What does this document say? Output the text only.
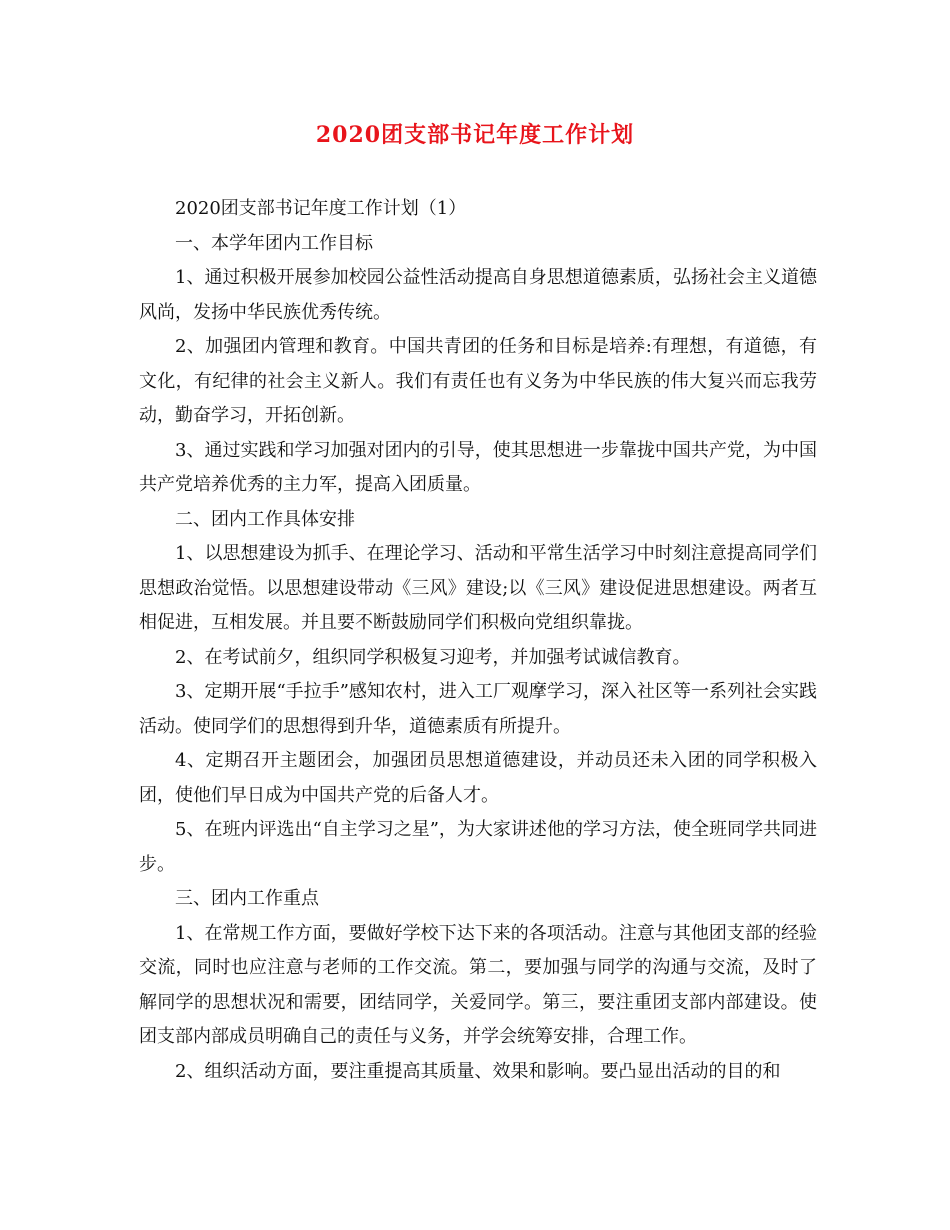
2020团支部书记年度工作计划

2020团支部书记年度工作计划（1）

一、本学年团内工作目标

1、通过积极开展参加校园公益性活动提高自身思想道德素质，弘扬社会主义道德风尚，发扬中华民族优秀传统。

2、加强团内管理和教育。中国共青团的任务和目标是培养:有理想，有道德，有文化，有纪律的社会主义新人。我们有责任也有义务为中华民族的伟大复兴而忘我劳动，勤奋学习，开拓创新。

3、通过实践和学习加强对团内的引导，使其思想进一步靠拢中国共产党，为中国共产党培养优秀的主力军，提高入团质量。

二、团内工作具体安排

1、以思想建设为抓手、在理论学习、活动和平常生活学习中时刻注意提高同学们思想政治觉悟。以思想建设带动《三风》建设;以《三风》建设促进思想建设。两者互相促进，互相发展。并且要不断鼓励同学们积极向党组织靠拢。

2、在考试前夕，组织同学积极复习迎考，并加强考试诚信教育。

3、定期开展“手拉手”感知农村，进入工厂观摩学习，深入社区等一系列社会实践活动。使同学们的思想得到升华，道德素质有所提升。

4、定期召开主题团会，加强团员思想道德建设，并动员还未入团的同学积极入团，使他们早日成为中国共产党的后备人才。

5、在班内评选出“自主学习之星”，为大家讲述他的学习方法，使全班同学共同进步。

三、团内工作重点

1、在常规工作方面，要做好学校下达下来的各项活动。注意与其他团支部的经验交流，同时也应注意与老师的工作交流。第二，要加强与同学的沟通与交流，及时了解同学的思想状况和需要，团结同学，关爱同学。第三，要注重团支部内部建设。使团支部内部成员明确自己的责任与义务，并学会统筹安排，合理工作。

2、组织活动方面，要注重提高其质量、效果和影响。要凸显出活动的目的和
